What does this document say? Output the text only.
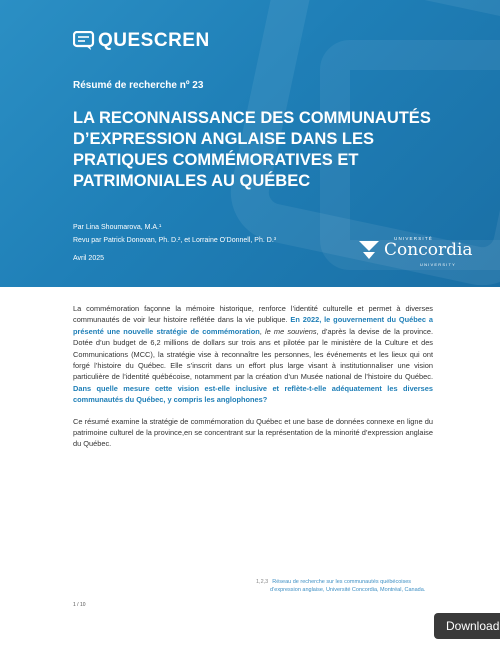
QUESCREN
Résumé de recherche nº 23
LA RECONNAISSANCE DES COMMUNAUTÉS
D’EXPRESSION ANGLAISE DANS LES
PRATIQUES COMMÉMORATIVES ET
PATRIMONIALES AU QUÉBEC
Par Lina Shoumarova, M.A.¹
Revu par Patrick Donovan, Ph. D.², et Lorraine O’Donnell, Ph. D.³
Avril 2025
UNIVERSITÉ
Concordia
UNIVERSITY

La commémoration façonne la mémoire historique, renforce l’identité culturelle et permet à diverses communautés de voir leur histoire reflétée dans la vie publique. En 2022, le gouvernement du Québec a présenté une nouvelle stratégie de commémoration, le me souviens, d’après la devise de la province. Dotée d’un budget de 6,2 millions de dollars sur trois ans et pilotée par le ministère de la Culture et des Communications (MCC), la stratégie vise à reconnaître les personnes, les événements et les lieux qui ont forgé l’histoire du Québec. Elle s’inscrit dans un effort plus large visant à institutionnaliser une vision particulière de l’identité québécoise, notamment par la création d’un Musée national de l’histoire du Québec. Dans quelle mesure cette vision est-elle inclusive et reflète-t-elle adéquatement les diverses communautés du Québec, y compris les anglophones?

Ce résumé examine la stratégie de commémoration du Québec et une base de données connexe en ligne du patrimoine culturel de la province,en se concentrant sur la représentation de la minorité d’expression anglaise du Québec.

1,2,3 Réseau de recherche sur les communautés québécoises
d’expression anglaise, Université Concordia, Montréal, Canada.
1 / 10
Download
